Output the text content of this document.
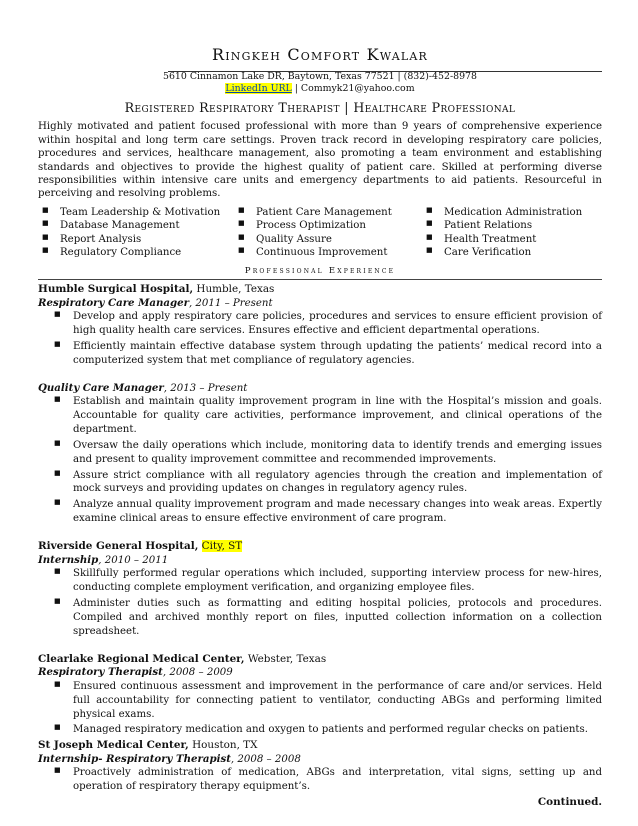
Ringkeh Comfort Kwalar
5610 Cinnamon Lake DR, Baytown, Texas 77521 | (832)-452-8978
LinkedIn URL | Commyk21@yahoo.com
Registered Respiratory Therapist | Healthcare Professional

Highly motivated and patient focused professional with more than 9 years of comprehensive experience within hospital and long term care settings. Proven track record in developing respiratory care policies, procedures and services, healthcare management, also promoting a team environment and establishing standards and objectives to provide the highest quality of patient care. Skilled at performing diverse responsibilities within intensive care units and emergency departments to aid patients. Resourceful in perceiving and resolving problems.

■ Team Leadership & Motivation
■ Database Management
■ Report Analysis
■ Regulatory Compliance
■ Patient Care Management
■ Process Optimization
■ Quality Assure
■ Continuous Improvement
■ Medication Administration
■ Patient Relations
■ Health Treatment
■ Care Verification
Professional Experience
Humble Surgical Hospital, Humble, Texas
Respiratory Care Manager, 2011 – Present
■ Develop and apply respiratory care policies, procedures and services to ensure efficient provision of high quality health care services. Ensures effective and efficient departmental operations.
■ Efficiently maintain effective database system through updating the patients’ medical record into a computerized system that met compliance of regulatory agencies.
Quality Care Manager, 2013 – Present
■ Establish and maintain quality improvement program in line with the Hospital’s mission and goals. Accountable for quality care activities, performance improvement, and clinical operations of the department.
■ Oversaw the daily operations which include, monitoring data to identify trends and emerging issues and present to quality improvement committee and recommended improvements.
■ Assure strict compliance with all regulatory agencies through the creation and implementation of mock surveys and providing updates on changes in regulatory agency rules.
■ Analyze annual quality improvement program and made necessary changes into weak areas. Expertly examine clinical areas to ensure effective environment of care program.
Riverside General Hospital, City, ST
Internship, 2010 – 2011
■ Skillfully performed regular operations which included, supporting interview process for new-hires, conducting complete employment verification, and organizing employee files.
■ Administer duties such as formatting and editing hospital policies, protocols and procedures. Compiled and archived monthly report on files, inputted collection information on a collection spreadsheet.
Clearlake Regional Medical Center, Webster, Texas
Respiratory Therapist, 2008 – 2009
■ Ensured continuous assessment and improvement in the performance of care and/or services. Held full accountability for connecting patient to ventilator, conducting ABGs and performing limited physical exams.
■ Managed respiratory medication and oxygen to patients and performed regular checks on patients.
St Joseph Medical Center, Houston, TX
Internship- Respiratory Therapist, 2008 – 2008
■ Proactively administration of medication, ABGs and interpretation, vital signs, setting up and operation of respiratory therapy equipment’s.
Continued.
